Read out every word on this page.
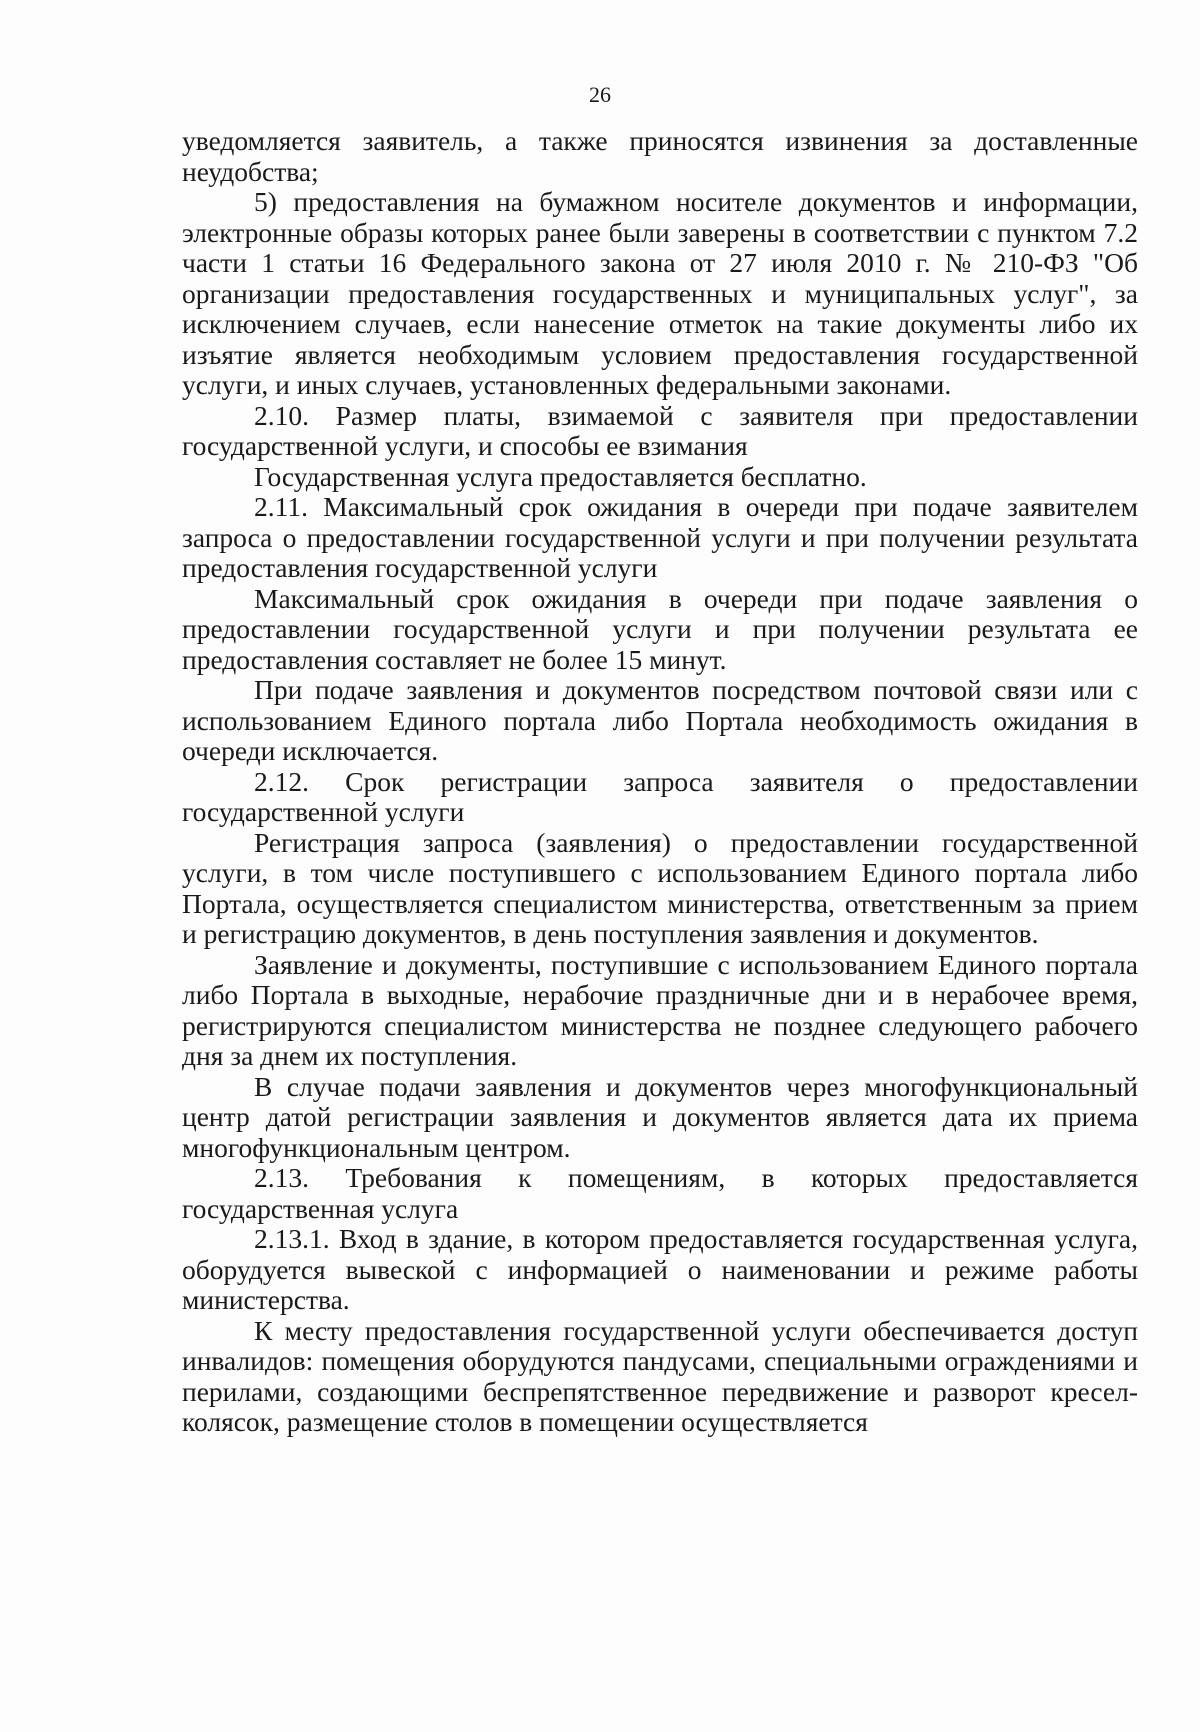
26

уведомляется заявитель, а также приносятся извинения за доставленные неудобства;

5) предоставления на бумажном носителе документов и информации, электронные образы которых ранее были заверены в соответствии с пунктом 7.2 части 1 статьи 16 Федерального закона от 27 июля 2010 г. № 210-ФЗ "Об организации предоставления государственных и муниципальных услуг", за исключением случаев, если нанесение отметок на такие документы либо их изъятие является необходимым условием предоставления государственной услуги, и иных случаев, установленных федеральными законами.

2.10. Размер платы, взимаемой с заявителя при предоставлении государственной услуги, и способы ее взимания

Государственная услуга предоставляется бесплатно.

2.11. Максимальный срок ожидания в очереди при подаче заявителем запроса о предоставлении государственной услуги и при получении результата предоставления государственной услуги

Максимальный срок ожидания в очереди при подаче заявления о предоставлении государственной услуги и при получении результата ее предоставления составляет не более 15 минут.

При подаче заявления и документов посредством почтовой связи или с использованием Единого портала либо Портала необходимость ожидания в очереди исключается.

2.12. Срок регистрации запроса заявителя о предоставлении государственной услуги

Регистрация запроса (заявления) о предоставлении государственной услуги, в том числе поступившего с использованием Единого портала либо Портала, осуществляется специалистом министерства, ответственным за прием и регистрацию документов, в день поступления заявления и документов.

Заявление и документы, поступившие с использованием Единого портала либо Портала в выходные, нерабочие праздничные дни и в нерабочее время, регистрируются специалистом министерства не позднее следующего рабочего дня за днем их поступления.

В случае подачи заявления и документов через многофункциональный центр датой регистрации заявления и документов является дата их приема многофункциональным центром.

2.13. Требования к помещениям, в которых предоставляется государственная услуга

2.13.1. Вход в здание, в котором предоставляется государственная услуга, оборудуется вывеской с информацией о наименовании и режиме работы министерства.

К месту предоставления государственной услуги обеспечивается доступ инвалидов: помещения оборудуются пандусами, специальными ограждениями и перилами, создающими беспрепятственное передвижение и разворот кресел-колясок, размещение столов в помещении осуществляется
